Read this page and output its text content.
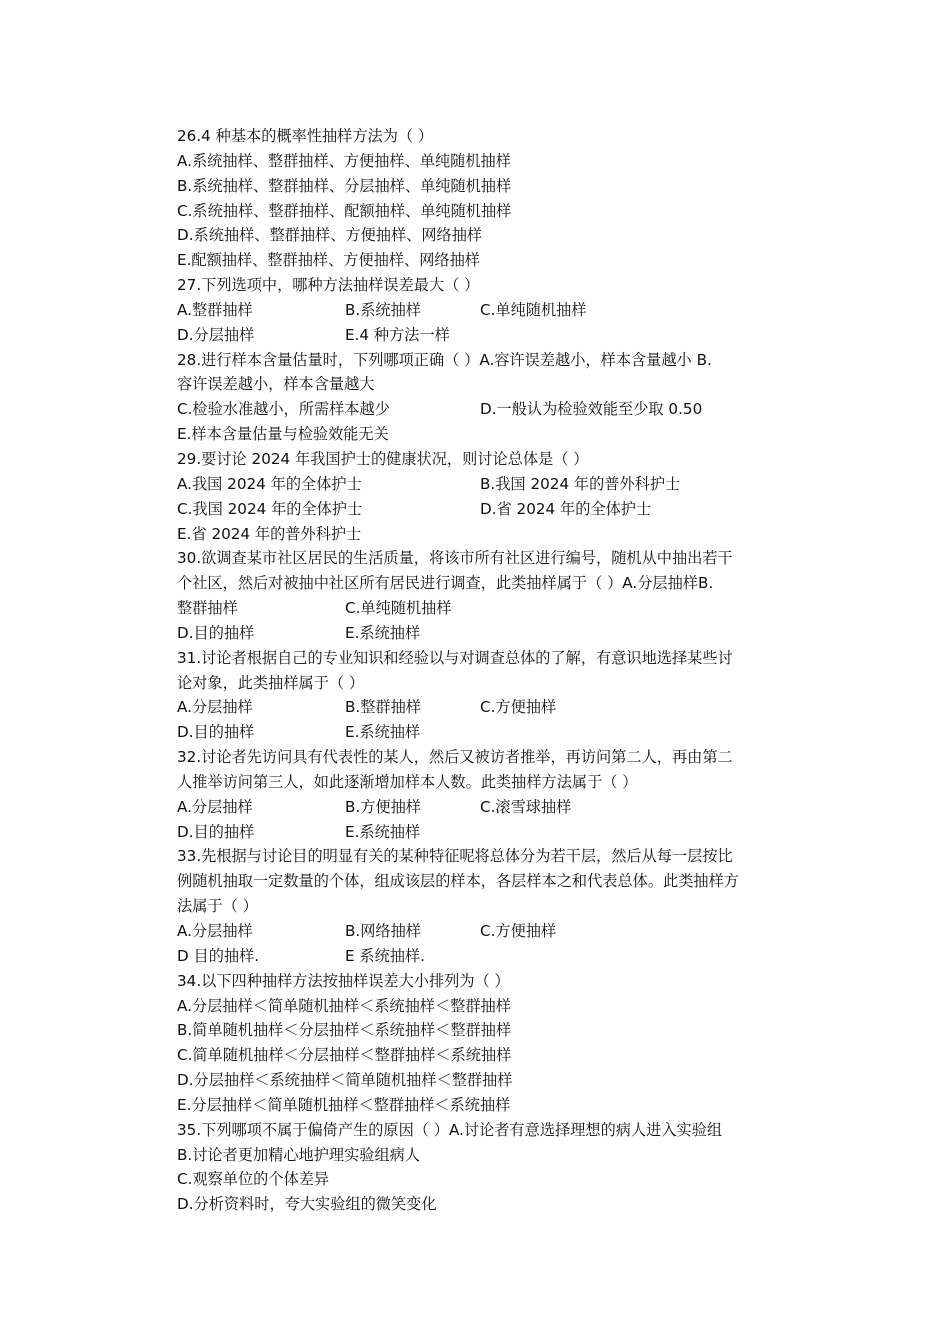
26.4 种基本的概率性抽样方法为（ ）
A.系统抽样、整群抽样、方便抽样、单纯随机抽样
B.系统抽样、整群抽样、分层抽样、单纯随机抽样
C.系统抽样、整群抽样、配额抽样、单纯随机抽样
D.系统抽样、整群抽样、方便抽样、网络抽样
E.配额抽样、整群抽样、方便抽样、网络抽样
27.下列选项中，哪种方法抽样误差最大（ ）
A.整群抽样	B.系统抽样	C.单纯随机抽样
D.分层抽样	E.4 种方法一样
28.进行样本含量估量时，下列哪项正确（ ）A.容许误差越小，样本含量越小 B.
容许误差越小，样本含量越大
C.检验水准越小，所需样本越少	D.一般认为检验效能至少取 0.50
E.样本含量估量与检验效能无关
29.要讨论 2024 年我国护士的健康状况，则讨论总体是（ ）
A.我国 2024 年的全体护士	B.我国 2024 年的普外科护士
C.我国 2024 年的全体护士	D.省 2024 年的全体护士
E.省 2024 年的普外科护士
30.欲调查某市社区居民的生活质量，将该市所有社区进行编号，随机从中抽出若干
个社区，然后对被抽中社区所有居民进行调查，此类抽样属于（ ）A.分层抽样B.
整群抽样	C.单纯随机抽样
D.目的抽样	E.系统抽样
31.讨论者根据自己的专业知识和经验以与对调查总体的了解，有意识地选择某些讨
论对象，此类抽样属于（ ）
A.分层抽样	B.整群抽样	C.方便抽样
D.目的抽样	E.系统抽样
32.讨论者先访问具有代表性的某人，然后又被访者推举，再访问第二人，再由第二
人推举访问第三人，如此逐渐增加样本人数。此类抽样方法属于（ ）
A.分层抽样	B.方便抽样	C.滚雪球抽样
D.目的抽样	E.系统抽样
33.先根据与讨论目的明显有关的某种特征呢将总体分为若干层，然后从每一层按比
例随机抽取一定数量的个体，组成该层的样本，各层样本之和代表总体。此类抽样方
法属于（ ）
A.分层抽样	B.网络抽样	C.方便抽样
D 目的抽样.	E 系统抽样.
34.以下四种抽样方法按抽样误差大小排列为（ ）
A.分层抽样＜简单随机抽样＜系统抽样＜整群抽样
B.简单随机抽样＜分层抽样＜系统抽样＜整群抽样
C.简单随机抽样＜分层抽样＜整群抽样＜系统抽样
D.分层抽样＜系统抽样＜简单随机抽样＜整群抽样
E.分层抽样＜简单随机抽样＜整群抽样＜系统抽样
35.下列哪项不属于偏倚产生的原因（ ）A.讨论者有意选择理想的病人进入实验组
B.讨论者更加精心地护理实验组病人
C.观察单位的个体差异
D.分析资料时，夸大实验组的微笑变化
